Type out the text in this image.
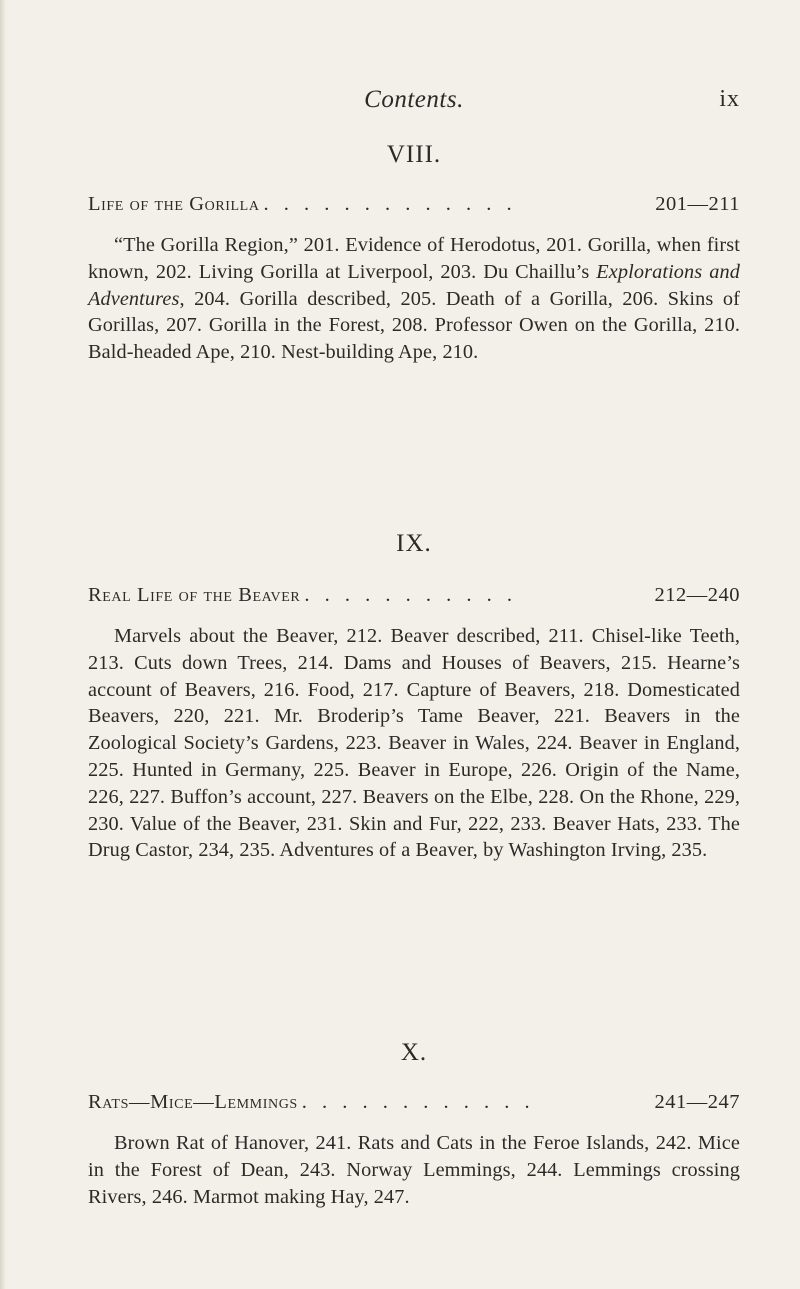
Contents.	ix
VIII.
Life of the Gorilla . . . . . . . . . . . . .	201—211

“The Gorilla Region,” 201. Evidence of Herodotus, 201. Gorilla, when first known, 202. Living Gorilla at Liverpool, 203. Du Chaillu’s Explorations and Adventures, 204. Gorilla described, 205. Death of a Gorilla, 206. Skins of Gorillas, 207. Gorilla in the Forest, 208. Professor Owen on the Gorilla, 210. Bald-headed Ape, 210. Nest-building Ape, 210.

IX.
Real Life of the Beaver . . . . . . . . . . .	212—240

Marvels about the Beaver, 212. Beaver described, 211. Chisel-like Teeth, 213. Cuts down Trees, 214. Dams and Houses of Beavers, 215. Hearne’s account of Beavers, 216. Food, 217. Capture of Beavers, 218. Domesticated Beavers, 220, 221. Mr. Broderip’s Tame Beaver, 221. Beavers in the Zoological Society’s Gardens, 223. Beaver in Wales, 224. Beaver in England, 225. Hunted in Germany, 225. Beaver in Europe, 226. Origin of the Name, 226, 227. Buffon’s account, 227. Beavers on the Elbe, 228. On the Rhone, 229, 230. Value of the Beaver, 231. Skin and Fur, 222, 233. Beaver Hats, 233. The Drug Castor, 234, 235. Adventures of a Beaver, by Washington Irving, 235.

X.
Rats—Mice—Lemmings . . . . . . . . . . . .	241—247

Brown Rat of Hanover, 241. Rats and Cats in the Feroe Islands, 242. Mice in the Forest of Dean, 243. Norway Lemmings, 244. Lemmings crossing Rivers, 246. Marmot making Hay, 247.
